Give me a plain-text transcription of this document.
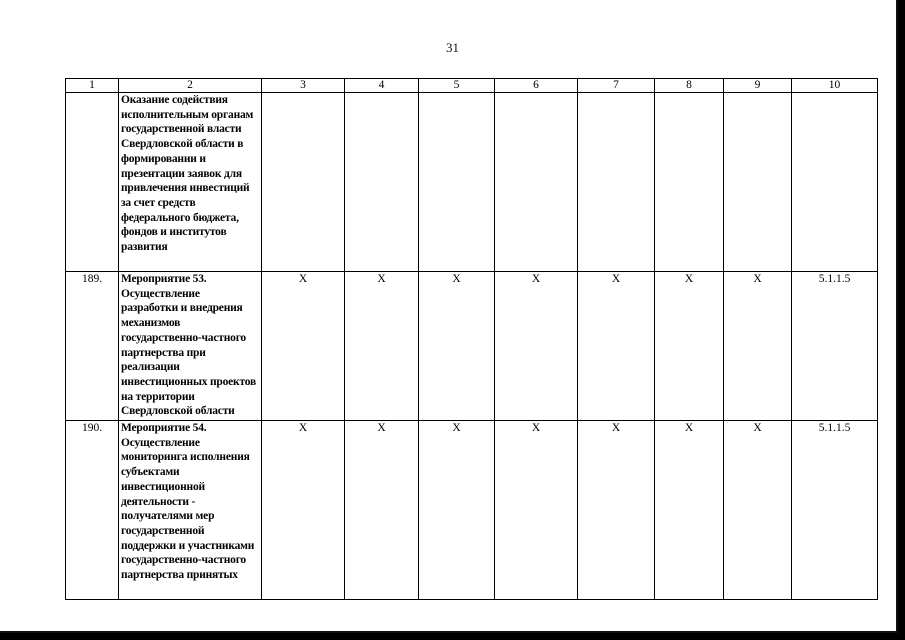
31
1	2	3	4	5	6	7	8	9	10
	Оказание содействия исполнительным органам государственной власти Свердловской области в формировании и презентации заявок для привлечения инвестиций за счет средств федерального бюджета, фондов и институтов развития								
189.	Мероприятие 53. Осуществление разработки и внедрения механизмов государственно-частного партнерства при реализации инвестиционных проектов на территории Свердловской области	Х	Х	Х	Х	Х	Х	Х	5.1.1.5
190.	Мероприятие 54. Осуществление мониторинга исполнения субъектами инвестиционной деятельности - получателями мер государственной поддержки и участниками государственно-частного партнерства принятых	Х	Х	Х	Х	Х	Х	Х	5.1.1.5
